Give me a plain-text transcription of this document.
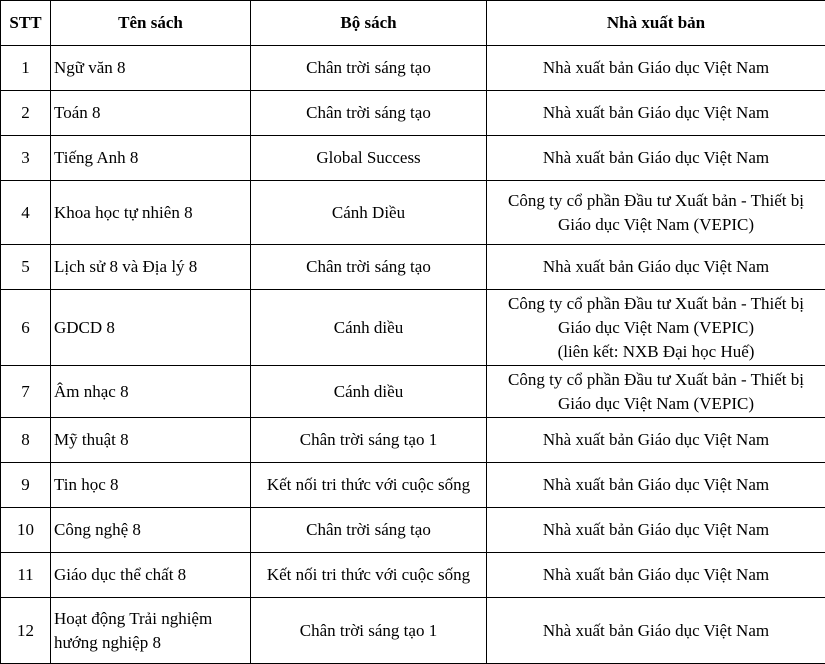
STT	Tên sách	Bộ sách	Nhà xuất bản
1	Ngữ văn 8	Chân trời sáng tạo	Nhà xuất bản Giáo dục Việt Nam

2	Toán 8	Chân trời sáng tạo	Nhà xuất bản Giáo dục Việt Nam

3	Tiếng Anh 8	Global Success	Nhà xuất bản Giáo dục Việt Nam

4	Khoa học tự nhiên 8	Cánh Diều	Công ty cổ phần Đầu tư Xuất bản - Thiết bị
Giáo dục Việt Nam (VEPIC)

5	Lịch sử 8 và Địa lý 8	Chân trời sáng tạo	Nhà xuất bản Giáo dục Việt Nam

6	GDCD 8	Cánh diều	Công ty cổ phần Đầu tư Xuất bản - Thiết bị
Giáo dục Việt Nam (VEPIC)
(liên kết: NXB Đại học Huế)

7	Âm nhạc 8	Cánh diều	Công ty cổ phần Đầu tư Xuất bản - Thiết bị
Giáo dục Việt Nam (VEPIC)

8	Mỹ thuật 8	Chân trời sáng tạo 1	Nhà xuất bản Giáo dục Việt Nam

9	Tin học 8	Kết nối tri thức với cuộc sống	Nhà xuất bản Giáo dục Việt Nam

10	Công nghệ 8	Chân trời sáng tạo	Nhà xuất bản Giáo dục Việt Nam

11	Giáo dục thể chất 8	Kết nối tri thức với cuộc sống	Nhà xuất bản Giáo dục Việt Nam

12	Hoạt động Trải nghiệm
hướng nghiệp 8	Chân trời sáng tạo 1	Nhà xuất bản Giáo dục Việt Nam
